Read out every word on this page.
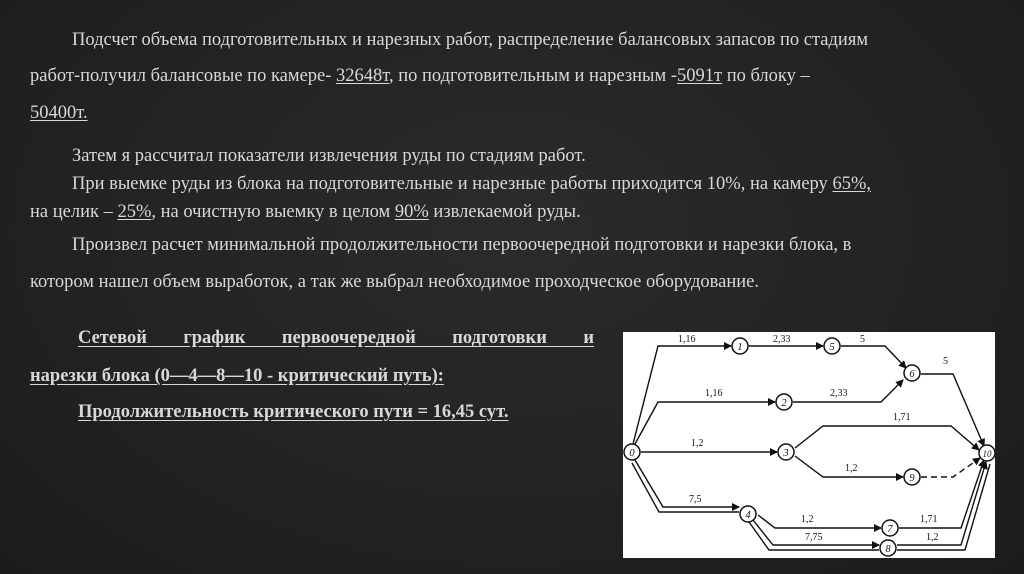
Подсчет объема подготовительных и нарезных работ, распределение балансовых запасов по стадиям

работ-получил балансовые по камере- 32648т, по подготовительным и нарезным -5091т по блоку –

50400т.

Затем я рассчитал показатели извлечения руды по стадиям работ.

При выемке руды из блока на подготовительные и нарезные работы приходится 10%, на камеру 65%,

на целик – 25%, на очистную выемку в целом 90% извлекаемой руды.

Произвел расчет минимальной продолжительности первоочередной подготовки и нарезки блока, в

котором нашел объем выработок, а так же выбрал необходимое проходческое оборудование.

Сетевой график первоочередной подготовки и
нарезки блока (0—4—8—10 - критический путь):
Продолжительность критического пути = 16,45 сут.
0
1	5
6
2
3
9
4
7
8
10
1,16	2,33	5
5
1,16	2,33
1,2
1,71
1,2
7,5
1,2	1,71
7,75	1,2
